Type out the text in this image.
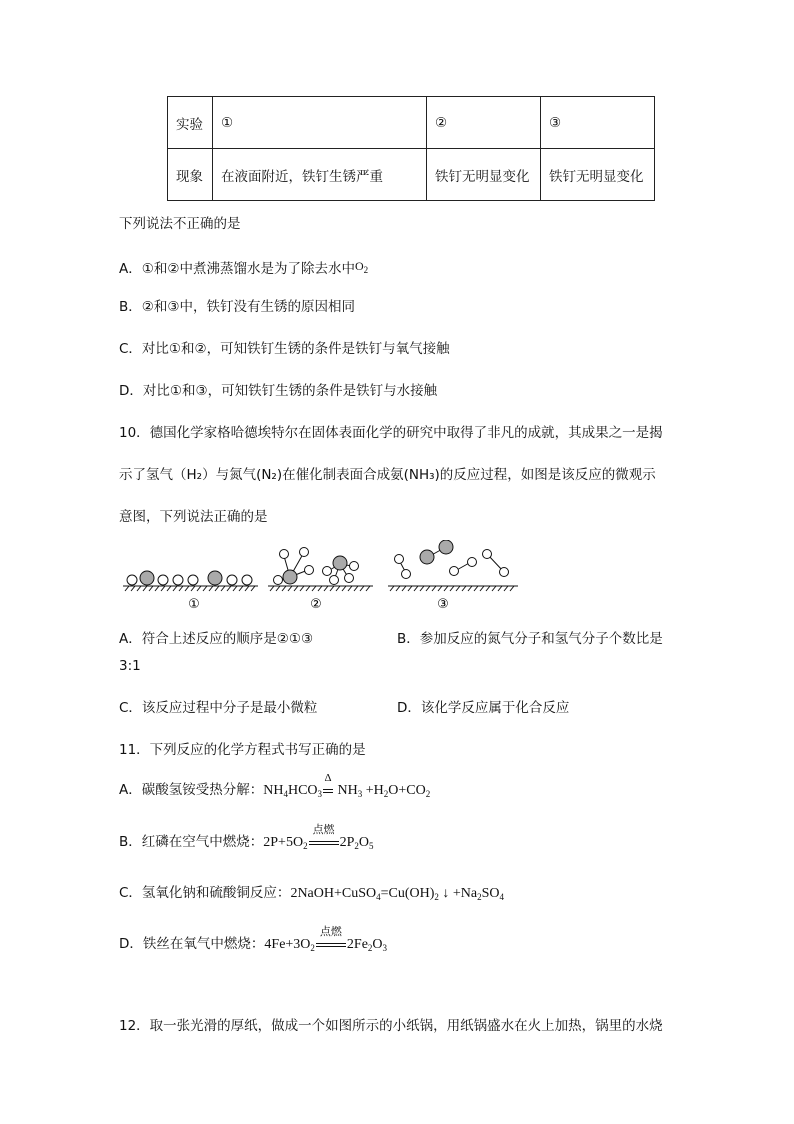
实验	①	②	③
现象	在液面附近，铁钉生锈严重	铁钉无明显变化	铁钉无明显变化
下列说法不正确的是
A．①和②中煮沸蒸馏水是为了除去水中$O_2$
B．②和③中，铁钉没有生锈的原因相同
C．对比①和②，可知铁钉生锈的条件是铁钉与氧气接触
D．对比①和③，可知铁钉生锈的条件是铁钉与水接触
10．德国化学家格哈德埃特尔在固体表面化学的研究中取得了非凡的成就，其成果之一是揭
示了氢气（H₂）与氮气(N₂)在催化制表面合成氨(NH₃)的反应过程，如图是该反应的微观示
意图，下列说法正确的是
①	②	③
A．符合上述反应的顺序是②①③	B．参加反应的氮气分子和氢气分子个数比是
3:1
C．该反应过程中分子是最小微粒	D．该化学反应属于化合反应
11．下列反应的化学方程式书写正确的是
A．碳酸氢铵受热分解：$NH_4HCO_3$
Δ
$NH_3 +H_2O+CO_2$
B．红磷在空气中燃烧：$2P+5O_2$
点燃
$2P_2O_5$
C．氢氧化钠和硫酸铜反应：$2NaOH+CuSO_4=Cu(OH)_2$ ↓ $+Na_2SO_4$
D．铁丝在氧气中燃烧：$4Fe+3O_2$
点燃
$2Fe_2O_3$
12．取一张光滑的厚纸，做成一个如图所示的小纸锅，用纸锅盛水在火上加热，锅里的水烧
